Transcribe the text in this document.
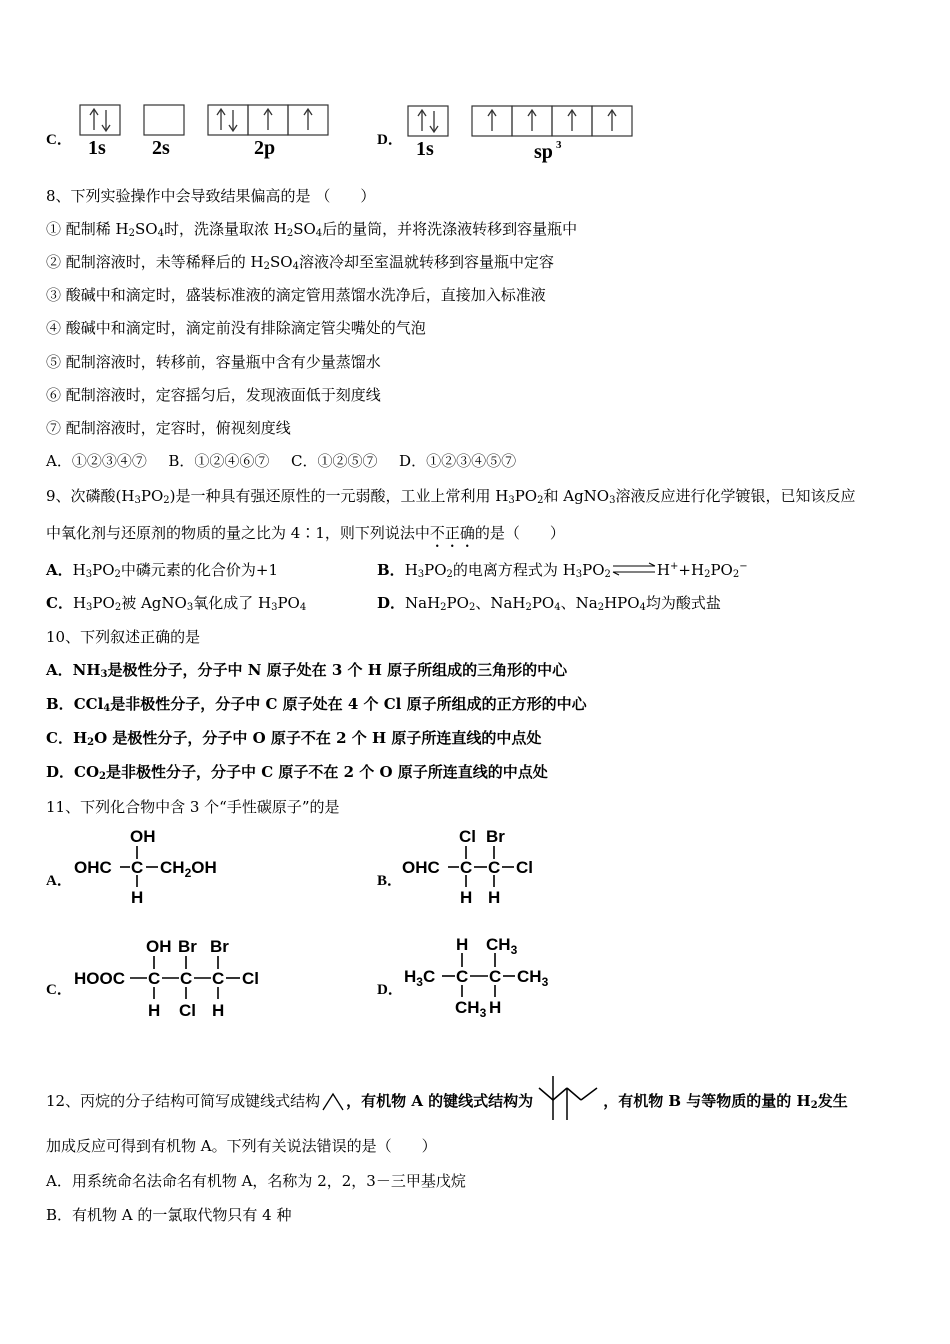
C． 1s 2s	2p	D． 1s	sp 3
8、下列实验操作中会导致结果偏高的是 （　　）
① 配制稀 $H_2SO_4$时，洗涤量取浓 $H_2SO_4$后的量筒，并将洗涤液转移到容量瓶中
② 配制溶液时，未等稀释后的 $H_2SO_4$溶液冷却至室温就转移到容量瓶中定容
③ 酸碱中和滴定时，盛装标准液的滴定管用蒸馏水洗净后，直接加入标准液
④ 酸碱中和滴定时，滴定前没有排除滴定管尖嘴处的气泡
⑤ 配制溶液时，转移前，容量瓶中含有少量蒸馏水
⑥ 配制溶液时，定容摇匀后，发现液面低于刻度线
⑦ 配制溶液时，定容时，俯视刻度线
A．①②③④⑦ B．①②④⑥⑦ C．①②⑤⑦ D．①②③④⑤⑦
9、次磷酸$(H_3PO_2)$是一种具有强还原性的一元弱酸，工业上常利用 $H_3PO_2$和 AgNO$_3$溶液反应进行化学镀银，已知该反应
中氧化剂与还原剂的物质的量之比为 4∶1，则下列说法中不正确的是（　　）
A．$H_3PO_2$中磷元素的化合价为+1	B．$H_3PO_2$的电离方程式为 $H_3PO_2\rightleftharpoons H^++H_2PO_2^-$
C．$H_3PO_2$被 AgNO$_3$氧化成了 $H_3PO_4$	D．$NaH_2PO_2$、$NaH_2PO_4$、$Na_2HPO_4$均为酸式盐
10、下列叙述正确的是
A．$NH_3$是极性分子，分子中 N 原子处在 3 个 H 原子所组成的三角形的中心
B．CCl$_4$是非极性分子，分子中 C 原子处在 4 个 Cl 原子所组成的正方形的中心
C．$H_2O$ 是极性分子，分子中 O 原子不在 2 个 H 原子所连直线的中点处
D．$CO_2$是非极性分子，分子中 C 原子不在 2 个 O 原子所连直线的中点处
11、下列化合物中含 3 个“手性碳原子”的是
A．
OH
OHC C $CH_2OH$
H
B．
Cl Br
OHC C C Cl
H H
C．
OH Br Br
HOOC C C C Cl
H Cl H
D．
H $CH_3$
$H_3C$ C C $CH_3$
$CH_3$ H
12、丙烷的分子结构可简写成键线式结构 ，有机物 A 的键线式结构为	，有机物 B 与等物质的量的 $H_2$发生
加成反应可得到有机物 A。下列有关说法错误的是（　　）
A．用系统命名法命名有机物 A，名称为 2，2，3－三甲基戊烷
B．有机物 A 的一氯取代物只有 4 种
